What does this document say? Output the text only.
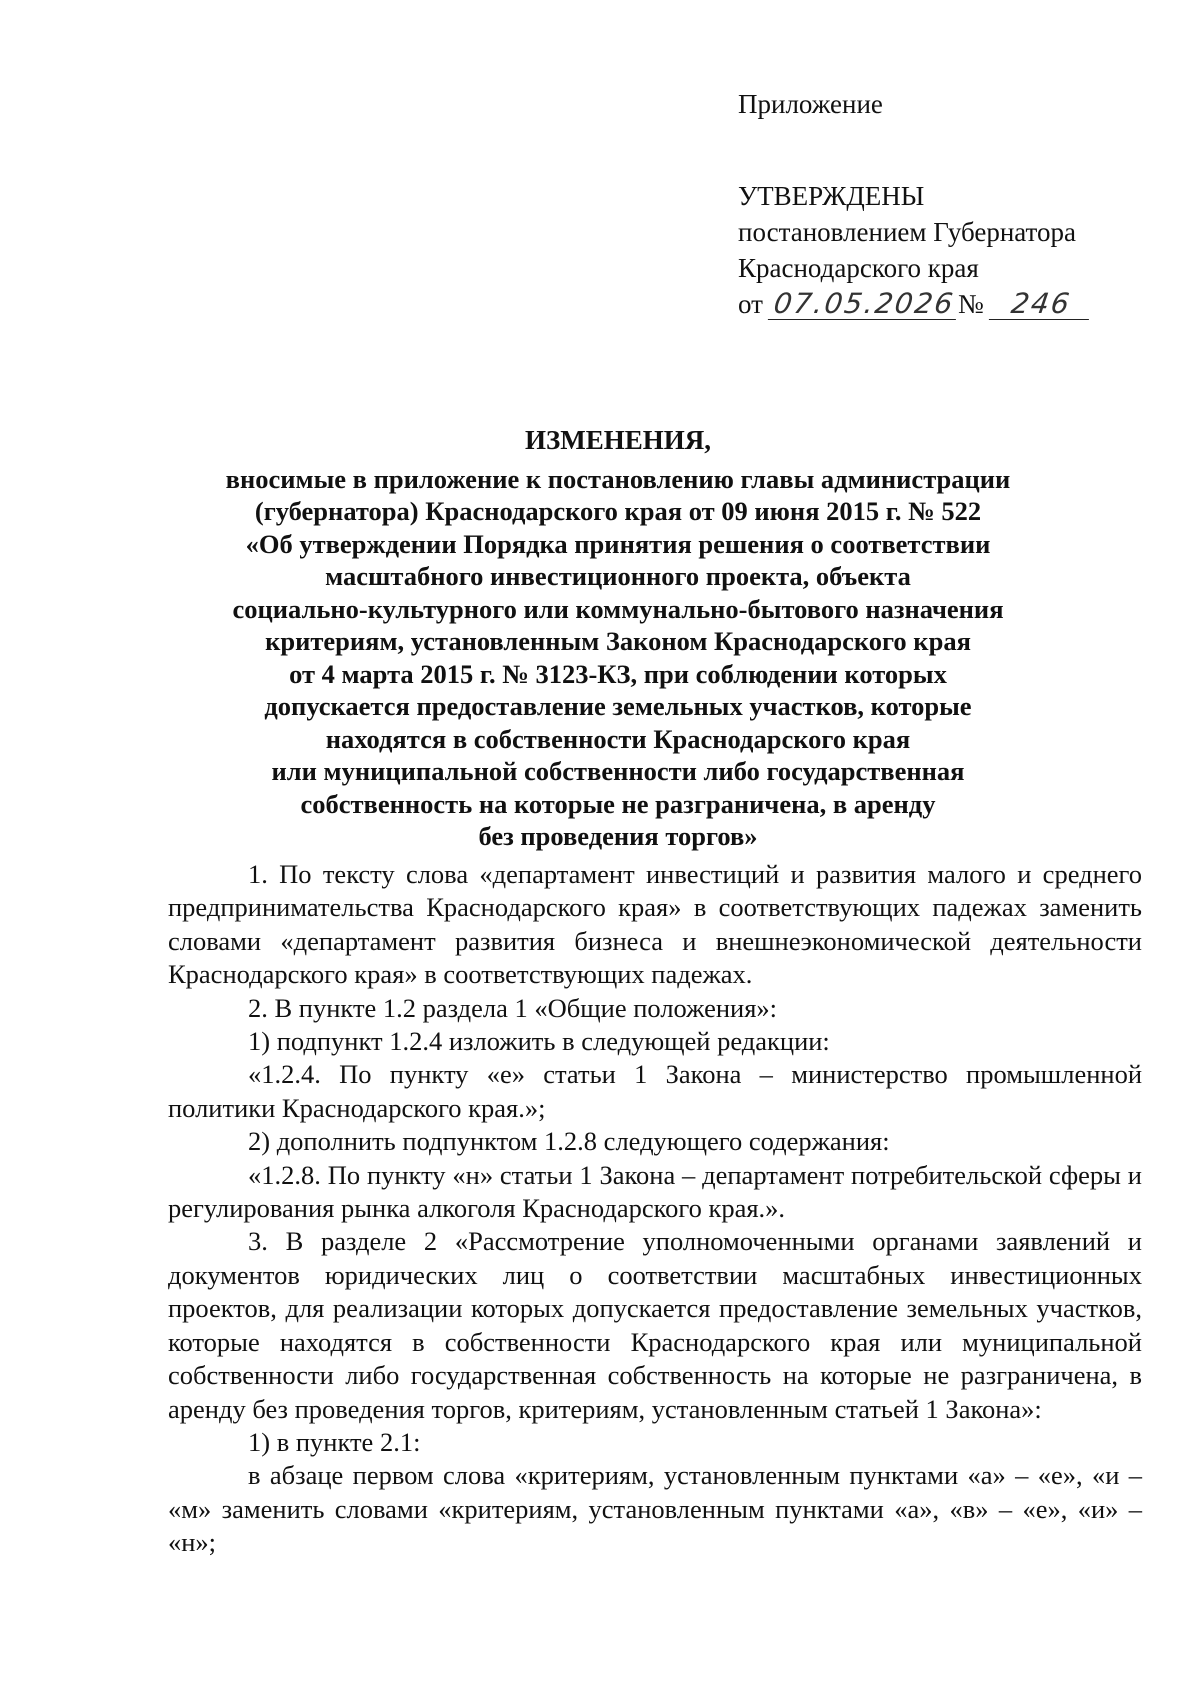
Приложение
УТВЕРЖДЕНЫ
постановлением Губернатора
Краснодарского края
от 07.05.2026№ 246
ИЗМЕНЕНИЯ,
вносимые в приложение к постановлению главы администрации
(губернатора) Краснодарского края от 09 июня 2015 г. № 522
«Об утверждении Порядка принятия решения о соответствии
масштабного инвестиционного проекта, объекта
социально-культурного или коммунально-бытового назначения
критериям, установленным Законом Краснодарского края
от 4 марта 2015 г. № 3123-КЗ, при соблюдении которых
допускается предоставление земельных участков, которые
находятся в собственности Краснодарского края
или муниципальной собственности либо государственная
собственность на которые не разграничена, в аренду
без проведения торгов»

1. По тексту слова «департамент инвестиций и развития малого и среднего предпринимательства Краснодарского края» в соответствующих падежах заменить словами «департамент развития бизнеса и внешнеэкономической деятельности Краснодарского края» в соответствующих падежах.

2. В пункте 1.2 раздела 1 «Общие положения»:

1) подпункт 1.2.4 изложить в следующей редакции:

«1.2.4. По пункту «е» статьи 1 Закона – министерство промышленной политики Краснодарского края.»;

2) дополнить подпунктом 1.2.8 следующего содержания:

«1.2.8. По пункту «н» статьи 1 Закона – департамент потребительской сферы и регулирования рынка алкоголя Краснодарского края.».

3. В разделе 2 «Рассмотрение уполномоченными органами заявлений и документов юридических лиц о соответствии масштабных инвестиционных проектов, для реализации которых допускается предоставление земельных участков, которые находятся в собственности Краснодарского края или муниципальной собственности либо государственная собственность на которые не разграничена, в аренду без проведения торгов, критериям, установленным статьей 1 Закона»:

1) в пункте 2.1:

в абзаце первом слова «критериям, установленным пунктами «а» – «е», «и – «м» заменить словами «критериям, установленным пунктами «а», «в» – «е», «и» – «н»;
